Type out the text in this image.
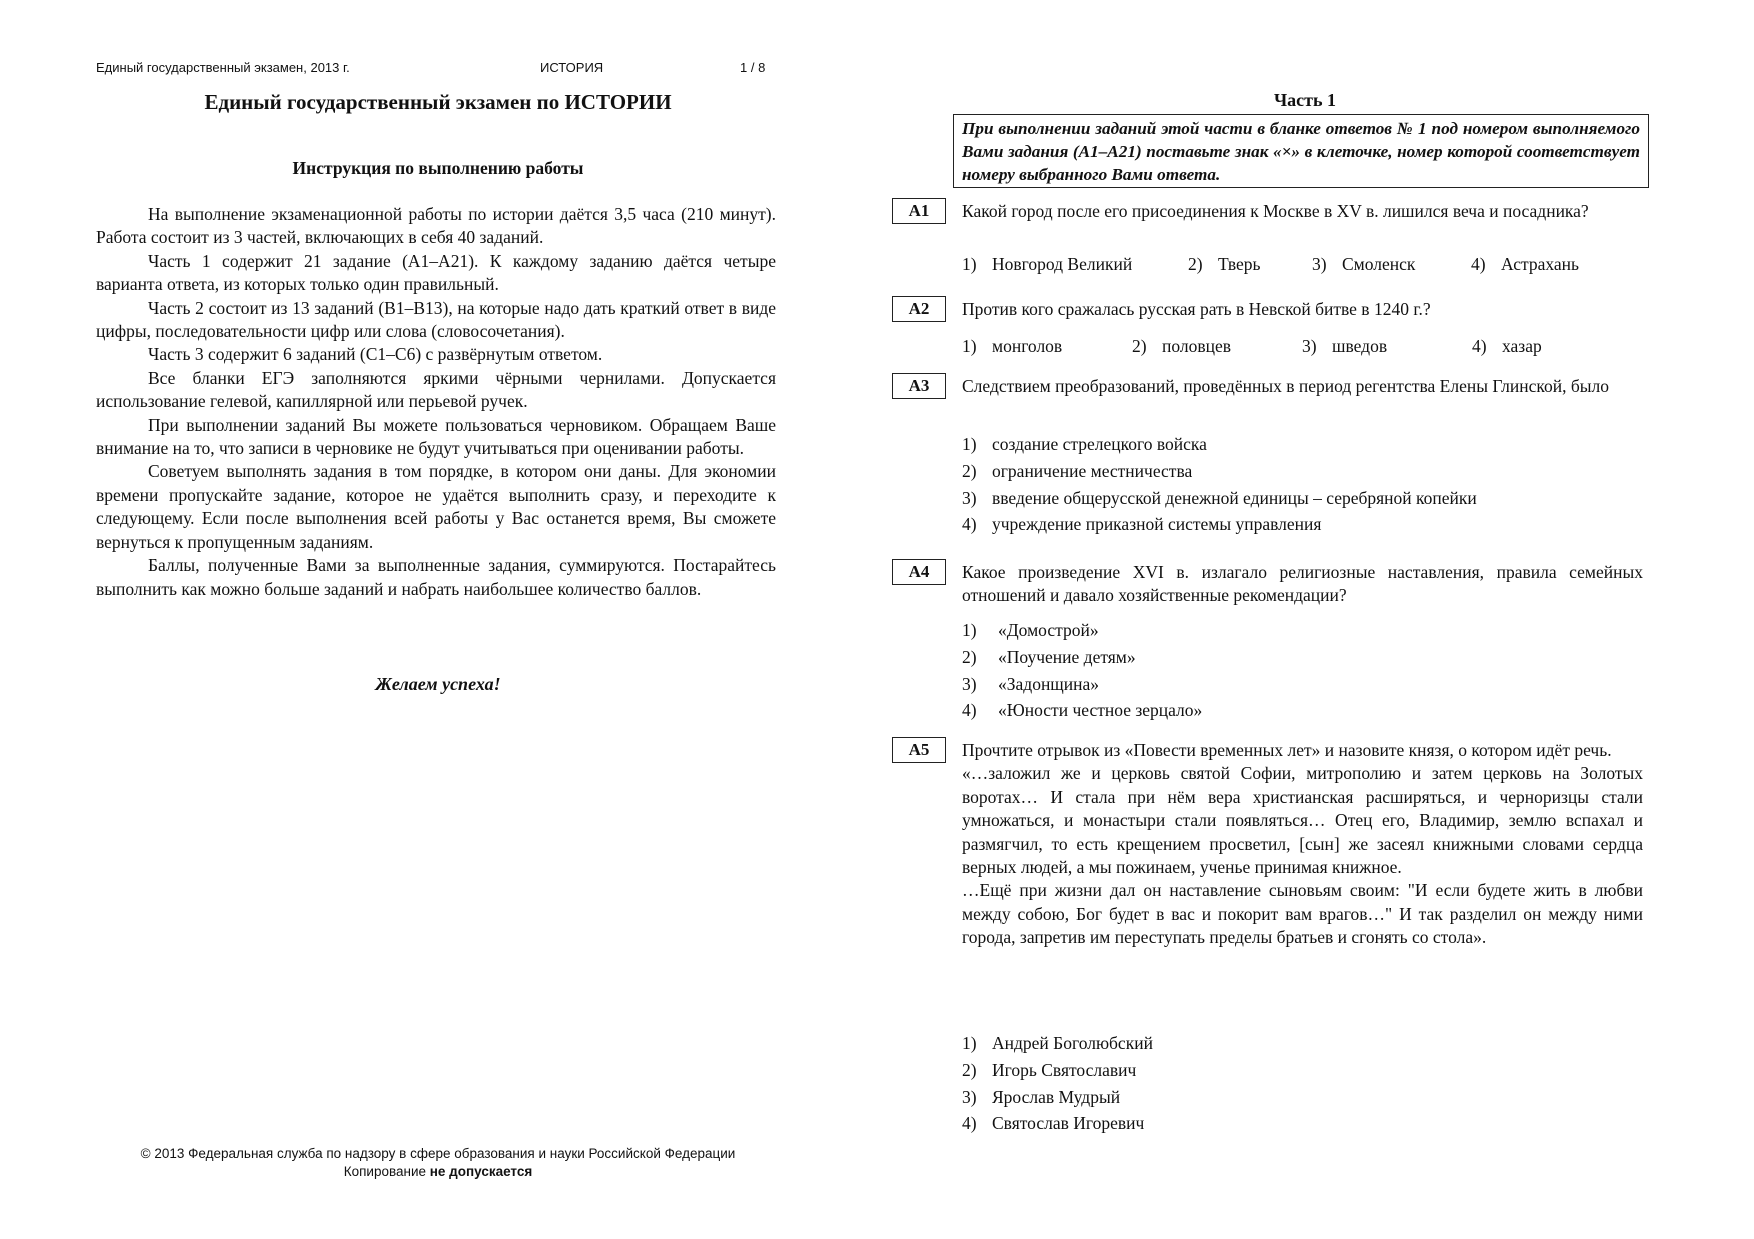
Единый государственный экзамен, 2013 г.	ИСТОРИЯ	1 / 8
Единый государственный экзамен по ИСТОРИИ
Инструкция по выполнению работы

На выполнение экзаменационной работы по истории даётся 3,5 часа (210 минут). Работа состоит из 3 частей, включающих в себя 40 заданий.

Часть 1 содержит 21 задание (А1–А21). К каждому заданию даётся четыре варианта ответа, из которых только один правильный.

Часть 2 состоит из 13 заданий (В1–В13), на которые надо дать краткий ответ в виде цифры, последовательности цифр или слова (словосочетания).

Часть 3 содержит 6 заданий (С1–С6) с развёрнутым ответом.

Все бланки ЕГЭ заполняются яркими чёрными чернилами. Допускается использование гелевой, капиллярной или перьевой ручек.

При выполнении заданий Вы можете пользоваться черновиком. Обращаем Ваше внимание на то, что записи в черновике не будут учитываться при оценивании работы.

Советуем выполнять задания в том порядке, в котором они даны. Для экономии времени пропускайте задание, которое не удаётся выполнить сразу, и переходите к следующему. Если после выполнения всей работы у Вас останется время, Вы сможете вернуться к пропущенным заданиям.

Баллы, полученные Вами за выполненные задания, суммируются. Постарайтесь выполнить как можно больше заданий и набрать наибольшее количество баллов.

Желаем успеха!
© 2013 Федеральная служба по надзору в сфере образования и науки Российской Федерации
Копирование не допускается
Часть 1
При выполнении заданий этой части в бланке ответов № 1 под номером выполняемого Вами задания (А1–А21) поставьте знак «×» в клеточке, номер которой соответствует номеру выбранного Вами ответа.
А1	Какой город после его присоединения к Москве в XV в. лишился веча и посадника?
1) Новгород Великий	2) Тверь	3) Смоленск	4) Астрахань
А2	Против кого сражалась русская рать в Невской битве в 1240 г.?
1) монголов	2) половцев	3) шведов	4) хазар
А3	Следствием преобразований, проведённых в период регентства Елены Глинской, было
1) создание стрелецкого войска
2) ограничение местничества
3) введение общерусской денежной единицы – серебряной копейки
4) учреждение приказной системы управления
А4	Какое произведение XVI в. излагало религиозные наставления, правила семейных отношений и давало хозяйственные рекомендации?
1) «Домострой»
2) «Поучение детям»
3) «Задонщина»
4) «Юности честное зерцало»
А5	Прочтите отрывок из «Повести временных лет» и назовите князя, о котором идёт речь.

«…заложил же и церковь святой Софии, митрополию и затем церковь на Золотых воротах… И стала при нём вера христианская расширяться, и черноризцы стали умножаться, и монастыри стали появляться… Отец его, Владимир, землю вспахал и размягчил, то есть крещением просветил, [сын] же засеял книжными словами сердца верных людей, а мы пожинаем, ученье принимая книжное.

…Ещё при жизни дал он наставление сыновьям своим: "И если будете жить в любви между собою, Бог будет в вас и покорит вам врагов…" И так разделил он между ними города, запретив им переступать пределы братьев и сгонять со стола».

1) Андрей Боголюбский
2) Игорь Святославич
3) Ярослав Мудрый
4) Святослав Игоревич
